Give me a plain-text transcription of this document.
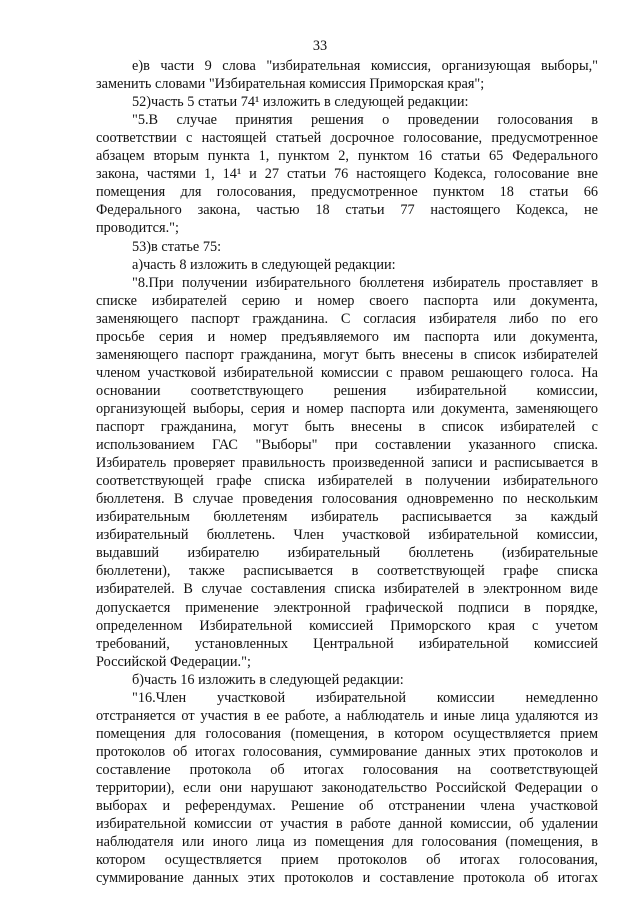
33
е)в части 9 слова "избирательная комиссия, организующая выборы,"
заменить словами "Избирательная комиссия Приморская края";
52)часть 5 статьи 74¹ изложить в следующей редакции:
"5.В случае принятия решения о проведении голосования в
соответствии с настоящей статьей досрочное голосование, предусмотренное
абзацем вторым пункта 1, пунктом 2, пунктом 16 статьи 65 Федерального
закона, частями 1, 14¹ и 27 статьи 76 настоящего Кодекса, голосование вне
помещения для голосования, предусмотренное пунктом 18 статьи 66
Федерального закона, частью 18 статьи 77 настоящего Кодекса, не
проводится.";
53)в статье 75:
а)часть 8 изложить в следующей редакции:
"8.При получении избирательного бюллетеня избиратель проставляет в
списке избирателей серию и номер своего паспорта или документа,
заменяющего паспорт гражданина. С согласия избирателя либо по его
просьбе серия и номер предъявляемого им паспорта или документа,
заменяющего паспорт гражданина, могут быть внесены в список избирателей
членом участковой избирательной комиссии с правом решающего голоса. На
основании соответствующего решения избирательной комиссии,
организующей выборы, серия и номер паспорта или документа, заменяющего
паспорт гражданина, могут быть внесены в список избирателей с
использованием ГАС "Выборы" при составлении указанного списка.
Избиратель проверяет правильность произведенной записи и расписывается в
соответствующей графе списка избирателей в получении избирательного
бюллетеня. В случае проведения голосования одновременно по нескольким
избирательным бюллетеням избиратель расписывается за каждый
избирательный бюллетень. Член участковой избирательной комиссии,
выдавший избирателю избирательный бюллетень (избирательные
бюллетени), также расписывается в соответствующей графе списка
избирателей. В случае составления списка избирателей в электронном виде
допускается применение электронной графической подписи в порядке,
определенном Избирательной комиссией Приморского края с учетом
требований, установленных Центральной избирательной комиссией
Российской Федерации.";
б)часть 16 изложить в следующей редакции:
"16.Член участковой избирательной комиссии немедленно
отстраняется от участия в ее работе, а наблюдатель и иные лица удаляются из
помещения для голосования (помещения, в котором осуществляется прием
протоколов об итогах голосования, суммирование данных этих протоколов и
составление протокола об итогах голосования на соответствующей
территории), если они нарушают законодательство Российской Федерации о
выборах и референдумах. Решение об отстранении члена участковой
избирательной комиссии от участия в работе данной комиссии, об удалении
наблюдателя или иного лица из помещения для голосования (помещения, в
котором осуществляется прием протоколов об итогах голосования,
суммирование данных этих протоколов и составление протокола об итогах
